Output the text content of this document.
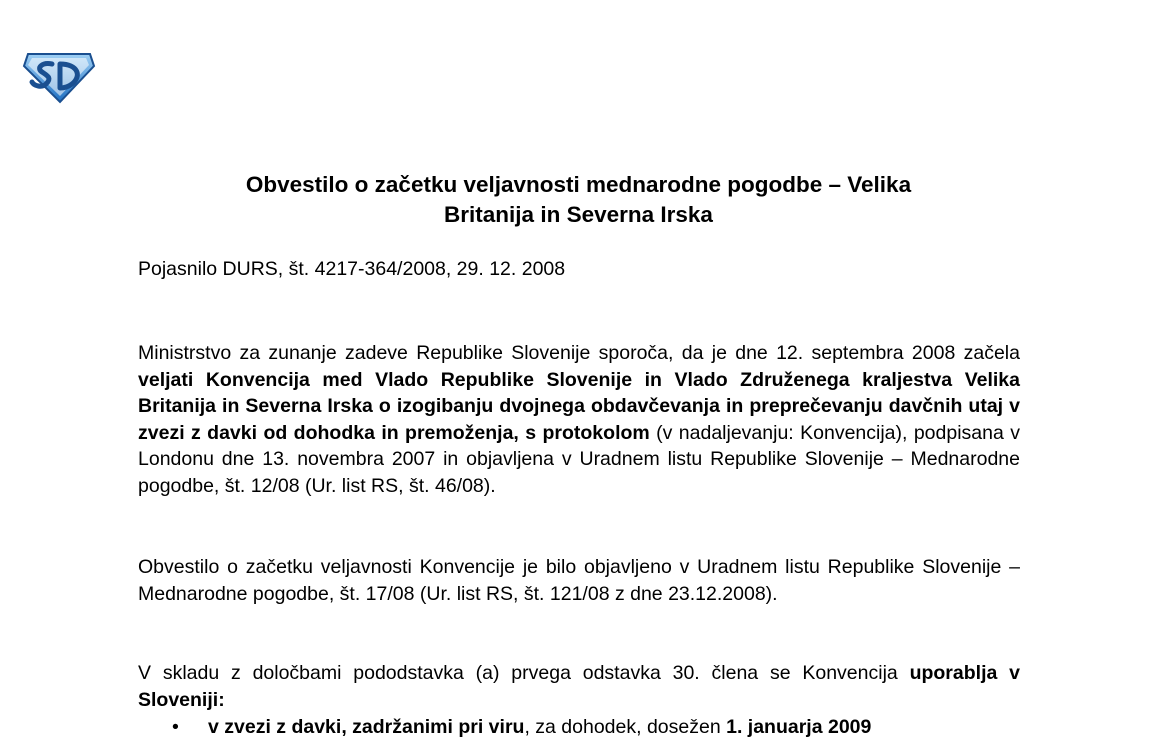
Obvestilo o začetku veljavnosti mednarodne pogodbe – Velika
Britanija in Severna Irska
Pojasnilo DURS, št. 4217-364/2008, 29. 12. 2008
Ministrstvo za zunanje zadeve Republike Slovenije sporoča, da je dne 12. septembra 2008 začela veljati Konvencija med Vlado Republike Slovenije in Vlado Združenega kraljestva Velika Britanija in Severna Irska o izogibanju dvojnega obdavčevanja in preprečevanju davčnih utaj v zvezi z davki od dohodka in premoženja, s protokolom (v nadaljevanju: Konvencija), podpisana v Londonu dne 13. novembra 2007 in objavljena v Uradnem listu Republike Slovenije – Mednarodne pogodbe, št. 12/08 (Ur. list RS, št. 46/08).
Obvestilo o začetku veljavnosti Konvencije je bilo objavljeno v Uradnem listu Republike Slovenije – Mednarodne pogodbe, št. 17/08 (Ur. list RS, št. 121/08 z dne 23.12.2008).
V skladu z določbami pododstavka (a) prvega odstavka 30. člena se Konvencija uporablja v Sloveniji:
• v zvezi z davki, zadržanimi pri viru, za dohodek, dosežen 1. januarja 2009
